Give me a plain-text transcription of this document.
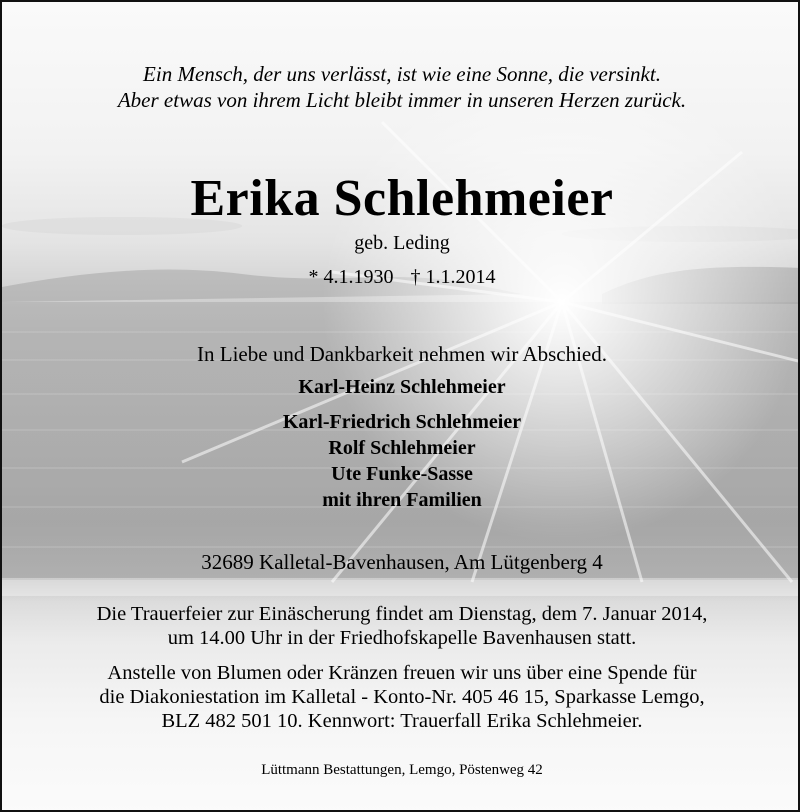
Ein Mensch, der uns verlässt, ist wie eine Sonne, die versinkt.
Aber etwas von ihrem Licht bleibt immer in unseren Herzen zurück.
Erika Schlehmeier
geb. Leding
* 4.1.1930 † 1.1.2014
In Liebe und Dankbarkeit nehmen wir Abschied.
Karl-Heinz Schlehmeier
Karl-Friedrich Schlehmeier
Rolf Schlehmeier
Ute Funke-Sasse
mit ihren Familien
32689 Kalletal-Bavenhausen, Am Lütgenberg 4
Die Trauerfeier zur Einäscherung findet am Dienstag, dem 7. Januar 2014,
um 14.00 Uhr in der Friedhofskapelle Bavenhausen statt.
Anstelle von Blumen oder Kränzen freuen wir uns über eine Spende für
die Diakoniestation im Kalletal - Konto-Nr. 405 46 15, Sparkasse Lemgo,
BLZ 482 501 10. Kennwort: Trauerfall Erika Schlehmeier.
Lüttmann Bestattungen, Lemgo, Pöstenweg 42
